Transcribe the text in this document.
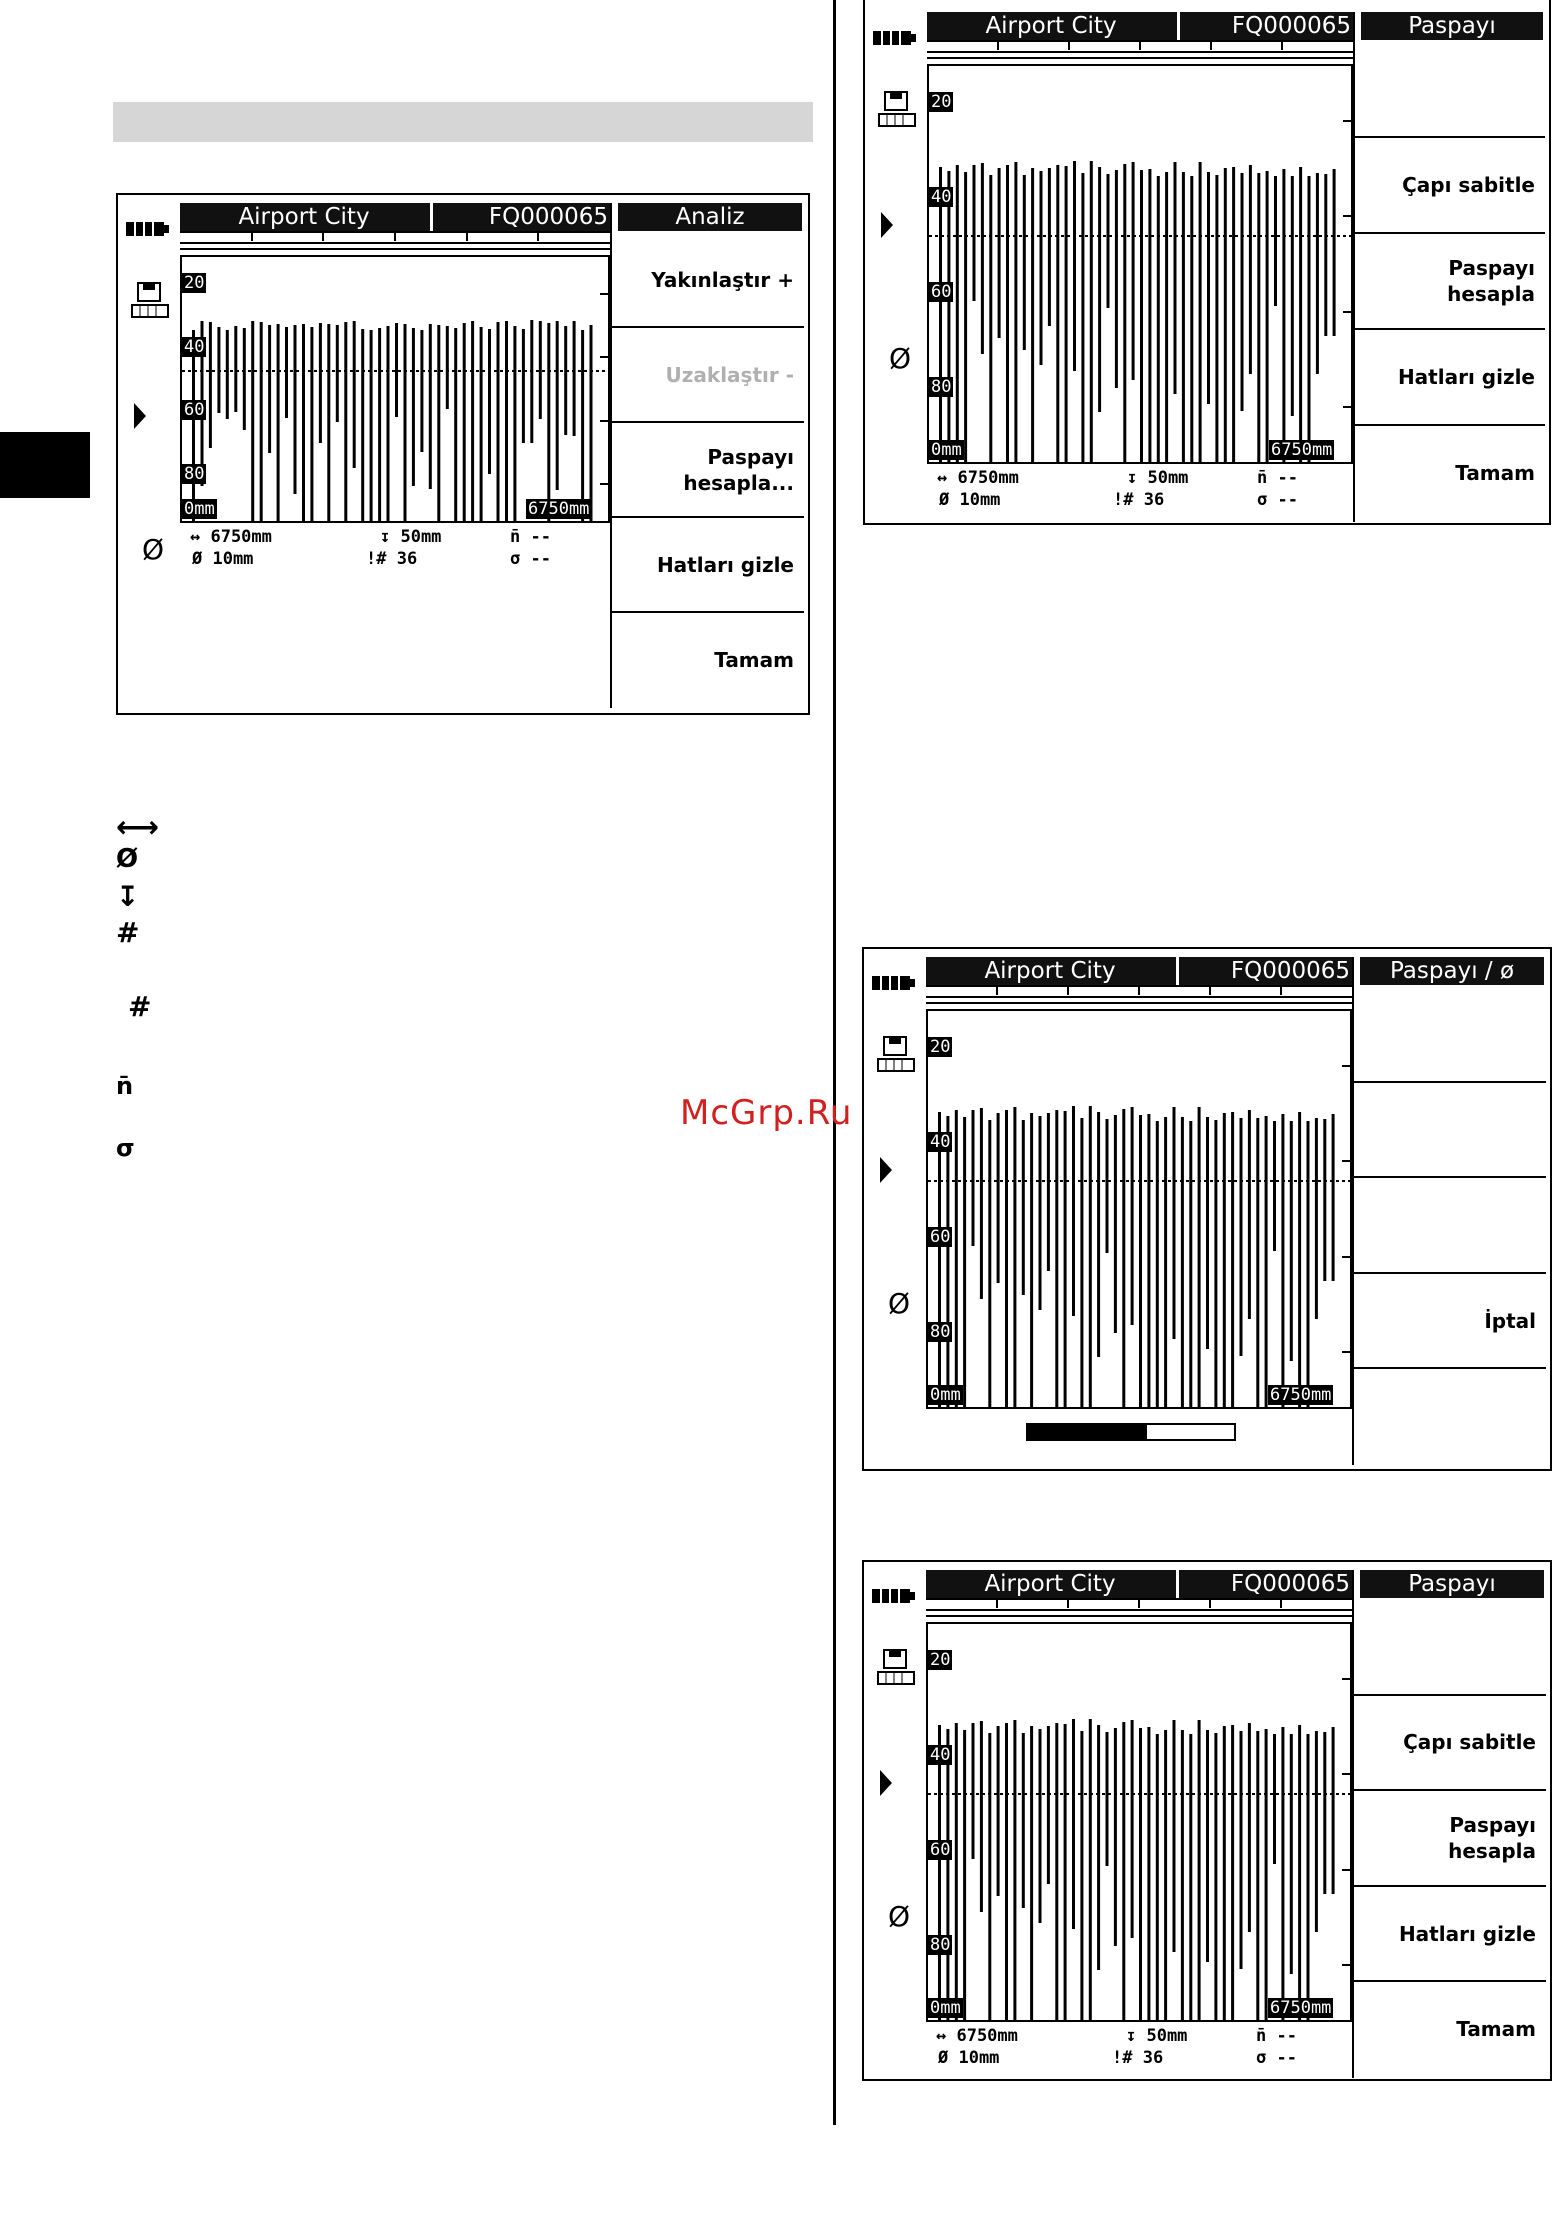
McGrp.Ru
⟷
Ø
↧
#
#
n̄
σ
Ø
Airport City	FQ000065
20
40
60
80
0mm	6750mm
↔ 6750mm	↧ 50mm	n̄ --
Ø 10mm	!# 36	σ --
Analiz
Yakınlaştır +
Uzaklaştır -
Paspayı
hesapla...
Hatları gizle
Tamam
Ø
Airport City	FQ000065
20
40
60
80
0mm	6750mm
↔ 6750mm	↧ 50mm	n̄ --
Ø 10mm	!# 36	σ --
Paspayı
Çapı sabitle
Paspayı
hesapla
Hatları gizle
Tamam
Ø
Airport City	FQ000065
20
40
60
80
0mm	6750mm
Paspayı / ø
İptal
Ø
Airport City	FQ000065
20
40
60
80
0mm	6750mm
↔ 6750mm	↧ 50mm	n̄ --
Ø 10mm	!# 36	σ --
Paspayı
Çapı sabitle
Paspayı
hesapla
Hatları gizle
Tamam
